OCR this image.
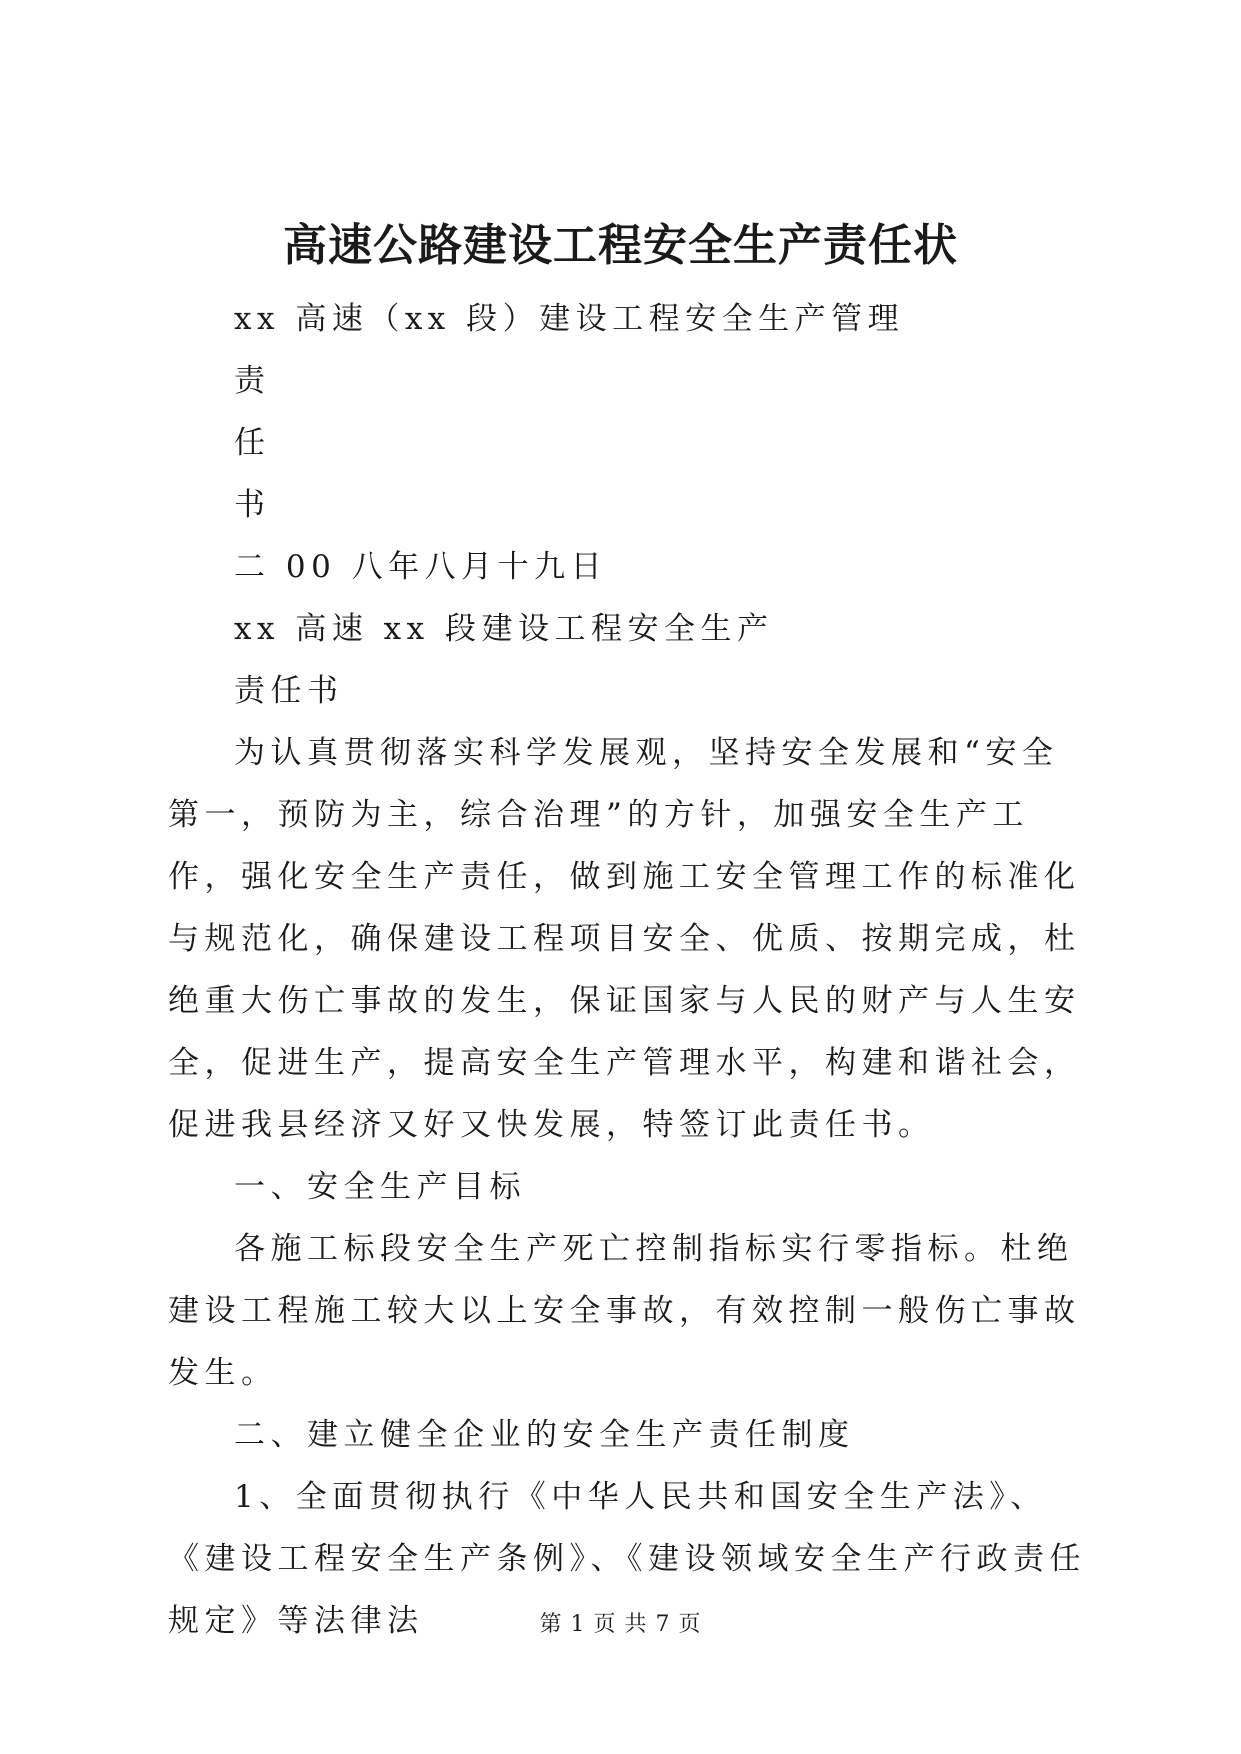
高速公路建设工程安全生产责任状

xx 高速（xx 段）建设工程安全生产管理

责

任

书

二 00 八年八月十九日

xx 高速 xx 段建设工程安全生产

责任书

为认真贯彻落实科学发展观，坚持安全发展和“安全第一，预防为主，综合治理”的方针，加强安全生产工作，强化安全生产责任，做到施工安全管理工作的标准化与规范化，确保建设工程项目安全、优质、按期完成，杜绝重大伤亡事故的发生，保证国家与人民的财产与人生安全，促进生产，提高安全生产管理水平，构建和谐社会，促进我县经济又好又快发展，特签订此责任书。

一、安全生产目标

各施工标段安全生产死亡控制指标实行零指标。杜绝建设工程施工较大以上安全事故，有效控制一般伤亡事故发生。

二、建立健全企业的安全生产责任制度

1、全面贯彻执行《中华人民共和国安全生产法》、《建设工程安全生产条例》、《建设领域安全生产行政责任规定》等法律法	第 1 页 共 7 页
